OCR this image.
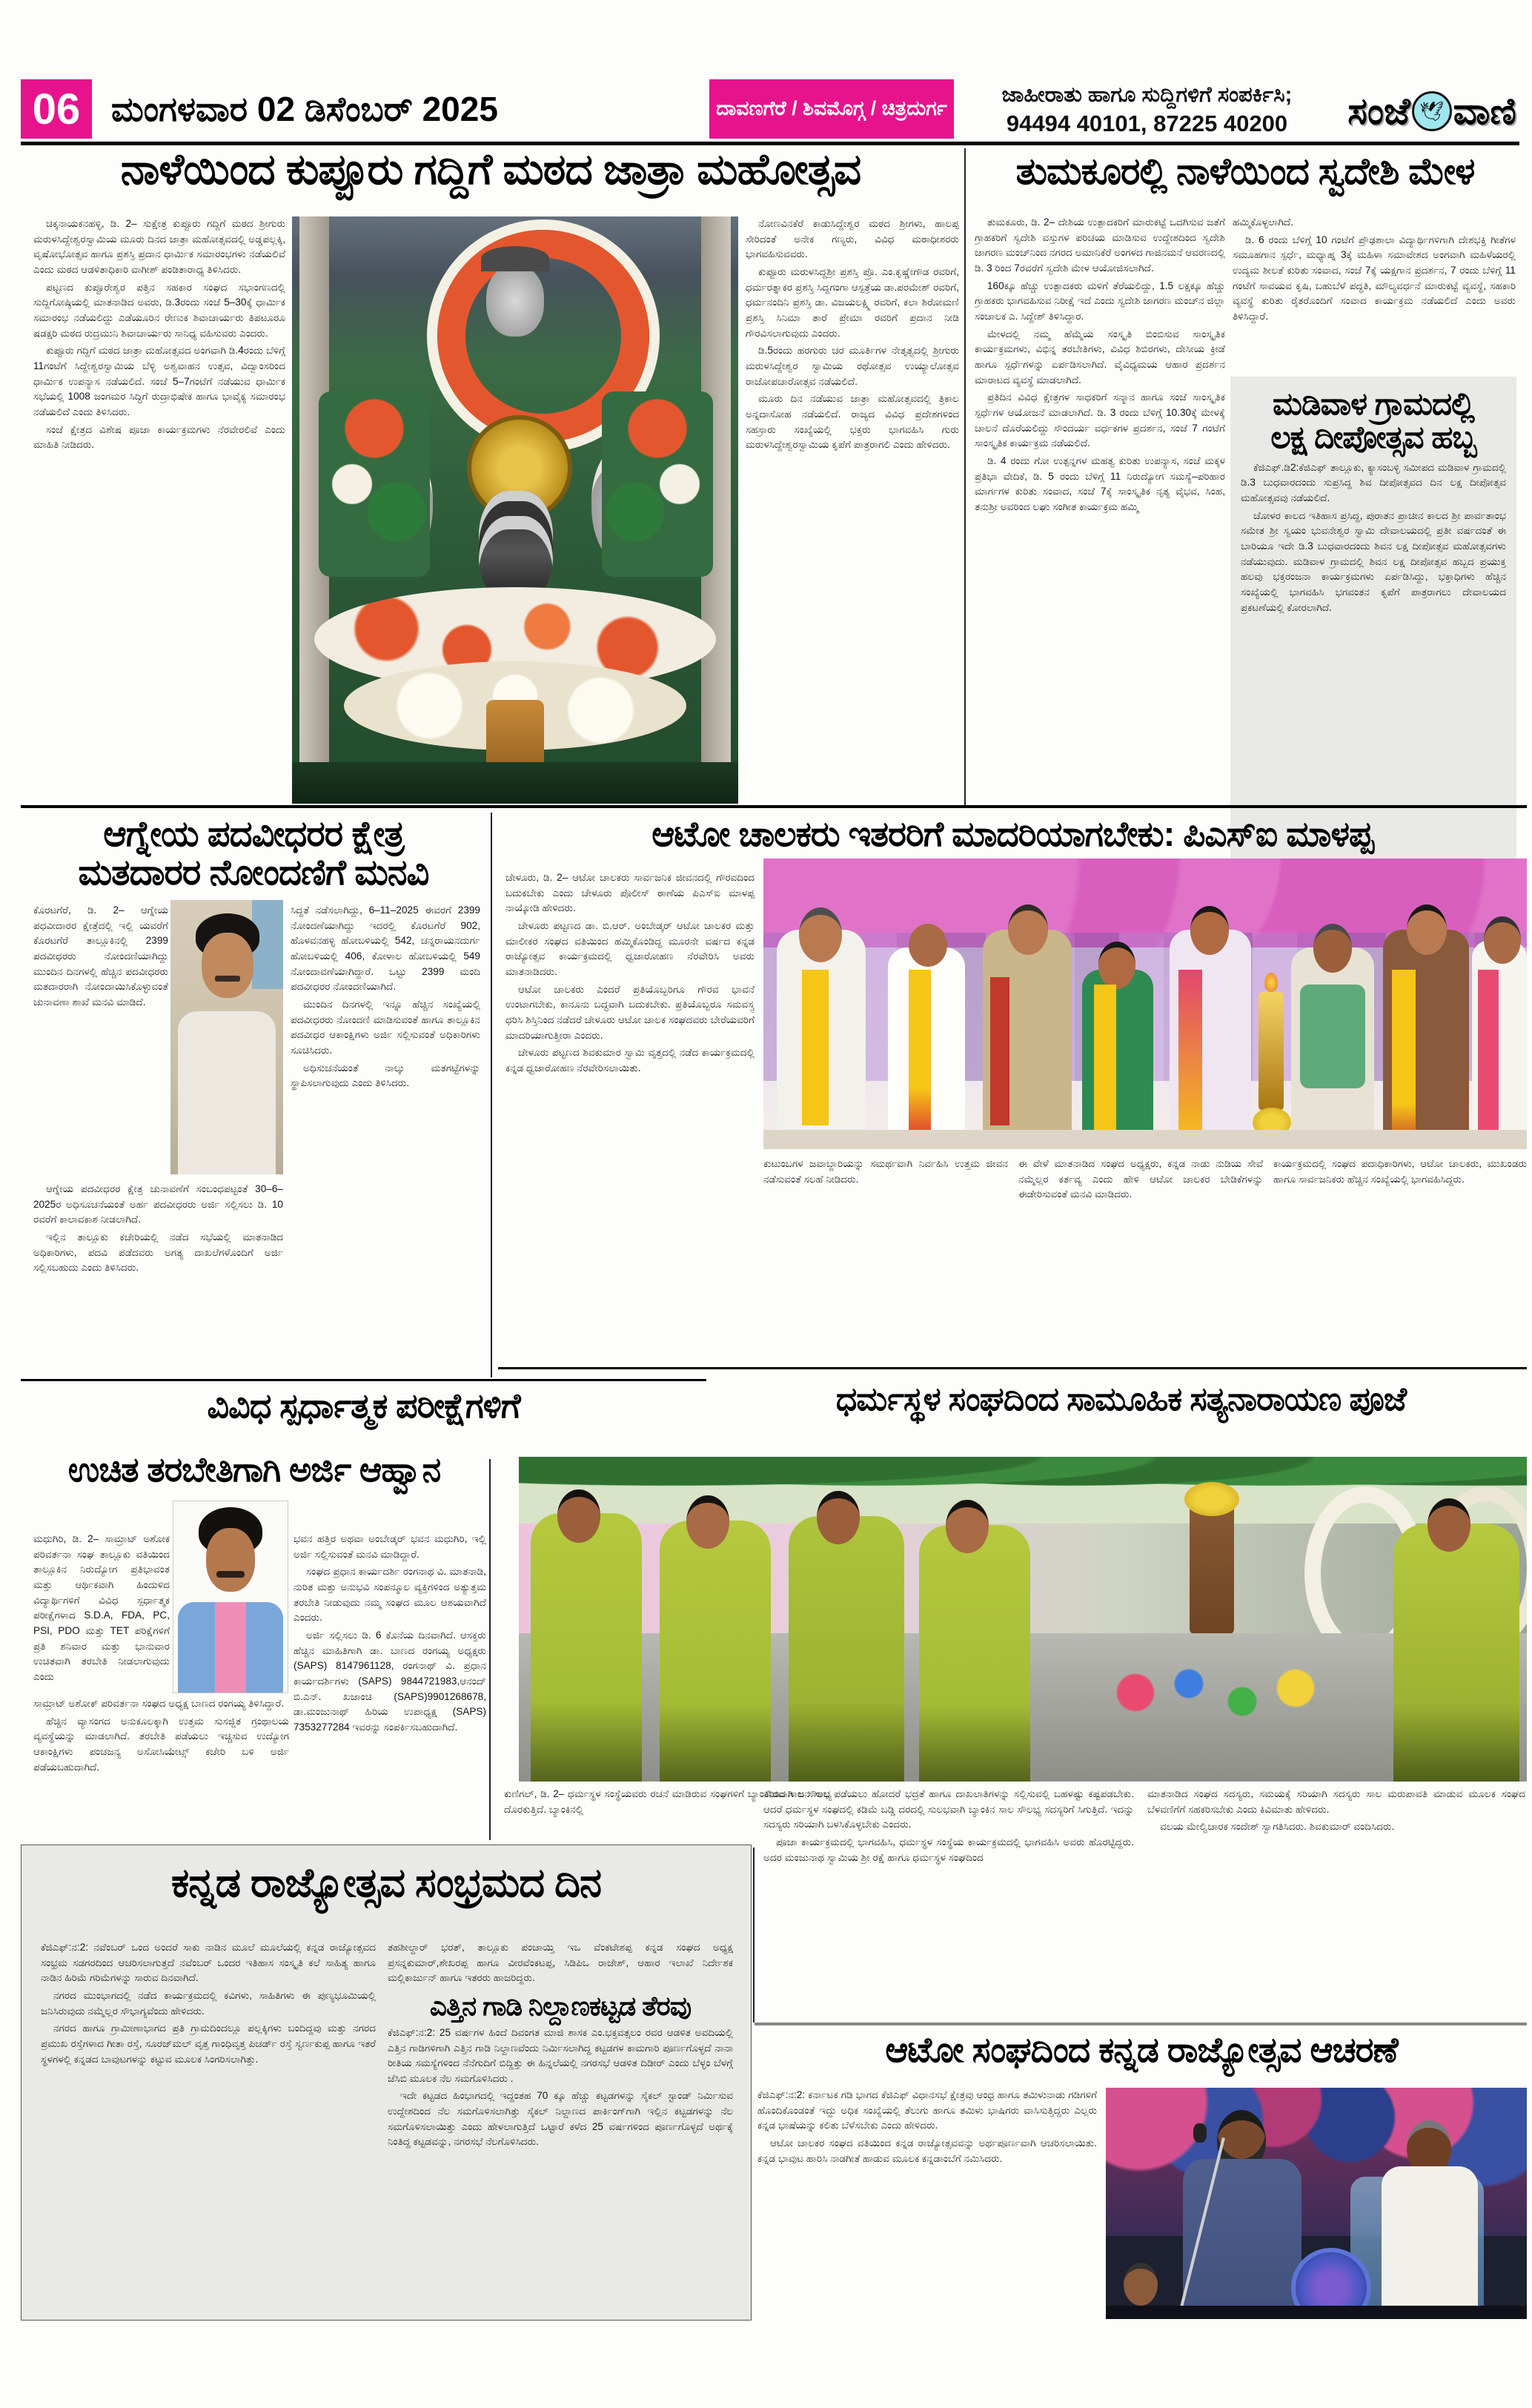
06 ಮಂಗಳವಾರ 02 ಡಿಸೆಂಬರ್ 2025	ದಾವಣಗೆರೆ / ಶಿವಮೊಗ್ಗ / ಚಿತ್ರದುರ್ಗ
ಜಾಹೀರಾತು ಹಾಗೂ ಸುದ್ದಿಗಳಿಗೆ ಸಂಪರ್ಕಿಸಿ;
94494 40101, 87225 40200	ಸಂಜೆ 🕊 ವಾಣಿ
ನಾಳೆಯಿಂದ ಕುಪ್ಪೂರು ಗದ್ದಿಗೆ ಮಠದ ಜಾತ್ರಾ ಮಹೋತ್ಸವ

ಚಿಕ್ಕನಾಯಕನಹಳ್ಳಿ, ಡಿ. 2– ಸುಕ್ಷೇತ್ರ ಕುಪ್ಪೂರು ಗದ್ದಿಗೆ ಮಠದ ಶ್ರೀಗುರು ಮರುಳಸಿದ್ದೇಶ್ವರಸ್ವಾಮಿಯ ಮೂರು ದಿನದ ಜಾತ್ರಾ ಮಹೋತ್ಸವದಲ್ಲಿ ಅಡ್ಡಪಲ್ಲಕ್ಕಿ, ವೃಷೋಭೋತ್ಸವ ಹಾಗೂ ಪ್ರಶಸ್ತಿ ಪ್ರದಾನ ಧಾರ್ಮಿಕ ಸಮಾರಂಭಗಳು ನಡೆಯಲಿವೆ ಎಂದು ಮಠದ ಆಡಳಿತಾಧಿಕಾರಿ ವಾಗೀಶ್ ಪಂಡಿತಾರಾಧ್ಯ ತಿಳಿಸಿದರು.

ಪಟ್ಟಣದ ಕುಪ್ಪೂರೇಶ್ವರ ಪತ್ತಿನ ಸಹಕಾರ ಸಂಘದ ಸಭಾಂಗಣದಲ್ಲಿ ಸುದ್ದಿಗೋಷ್ಠಿಯಲ್ಲಿ ಮಾತನಾಡಿದ ಅವರು, ಡಿ.3ರಂದು ಸಂಜೆ 5–30ಕ್ಕೆ ಧಾರ್ಮಿಕ ಸಮಾರಂಭ ನಡೆಯಲಿದ್ದು ಎಡೆಯೂರಿನ ರೇಣುಕ ಶಿವಾಚಾರ್ಯರು ತಿಪಟೂರೂ ಷಡಕ್ಷರಿ ಮಠದ ರುದ್ರಮುನಿ ಶಿವಾಚಾರ್ಯರು ಸಾನಿಧ್ಯ ವಹಿಸುವರು ಎಂದರು.

ಕುಪ್ಪೂರು ಗದ್ದಿಗೆ ಮಠದ ಜಾತ್ರಾ ಮಹೋತ್ಸವದ ಅಂಗವಾಗಿ ಡಿ.4ರಂದು ಬೆಳಿಗ್ಗೆ 11ಗಂಟೆಗೆ ಸಿದ್ದೇಶ್ವರಸ್ವಾಮಿಯ ಬೆಳ್ಳಿ ಅಶ್ವವಾಹನ ಉತ್ಸವ, ವಿದ್ವಾಂಸರಿಂದ ಧಾರ್ಮಿಕ ಉಪನ್ಯಾಸ ನಡೆಯಲಿದೆ. ಸಂಜೆ 5–7ಗಂಟೆಗೆ ನಡೆಯುವ ಧಾರ್ಮಿಕ ಸಭೆಯಲ್ಲಿ 1008 ಜಂಗಮರ ಸಿದ್ಧಿಗೆ ರುದ್ರಾಭಿಷೇಕ ಹಾಗೂ ಭಾವೈಕ್ಯ ಸಮಾರಂಭ ನಡೆಯಲಿದೆ ಎಂದು ತಿಳಿಸಿದರು.

ಸಂಜೆ ಕ್ಷೇತ್ರದ ವಿಶೇಷ ಪೂಜಾ ಕಾರ್ಯಕ್ರಮಗಳು ನೆರವೇರಲಿವೆ ಎಂದು ಮಾಹಿತಿ ನೀಡಿದರು.

ನೋಣವಿನಕೆರೆ ಕಾಡುಸಿದ್ದೇಶ್ವರ ಮಠದ ಶ್ರೀಗಳು, ಹಾಲಪ್ಪ ಸೇರಿದಂತೆ ಅನೇಕ ಗಣ್ಯರು, ವಿವಿಧ ಮಠಾಧೀಶರರು ಭಾಗವಹಿಸುವವರು.

ಕುಪ್ಪೂರು ಮರುಳಸಿದ್ದಶ್ರೀ ಪ್ರಶಸ್ತಿ ಪ್ರೊ. ಎಂ.ಕೃಷ್ಣೇಗೌಡ ರವರಿಗೆ, ಧರ್ಮರತ್ನಾಕರ ಪ್ರಶಸ್ತಿ ಸಿದ್ದಗಂಗಾ ಆಸ್ಪತ್ರೆಯ ಡಾ.ಪರಮೇಶ್ ರವರಿಗೆ, ಧರ್ಮನಂದಿನಿ ಪ್ರಶಸ್ತಿ ಡಾ. ವಿಜಯಲಕ್ಷ್ಮಿ ರವರಿಗೆ, ಕಲಾ ಶಿರೋಮಣಿ ಪ್ರಶಸ್ತಿ ಸಿನಿಮಾ ತಾರೆ ಪ್ರೇಮಾ ರವರಿಗೆ ಪ್ರದಾನ ನೀಡಿ ಗೌರವಿಸಲಾಗುವುದು ಎಂದರು.

ಡಿ.5ರಂದು ಹರಗುರು ಚರ ಮೂರ್ತಿಗಳ ನೇತೃತ್ವದಲ್ಲಿ ಶ್ರೀಗುರು ಮರುಳಸಿದ್ದೇಶ್ವರ ಸ್ವಾಮಿಯ ರಥೋತ್ಸವ ಉಯ್ಯಾಲೋತ್ಸವ ರಾಜೋಪಚಾರೋತ್ಸವ ನಡೆಯಲಿದೆ.

ಮೂರು ದಿನ ನಡೆಯುವ ಜಾತ್ರಾ ಮಹೋತ್ಸವದಲ್ಲಿ ತ್ರಿಕಾಲ ಅನ್ನದಾಸೋಹ ನಡೆಯಲಿದೆ. ರಾಜ್ಯದ ವಿವಿಧ ಪ್ರದೇಶಗಳಿಂದ ಸಹಸ್ರಾರು ಸಂಖ್ಯೆಯಲ್ಲಿ ಭಕ್ತರು ಭಾಗವಹಿಸಿ ಗುರು ಮರುಳಸಿದ್ದೇಶ್ವರಸ್ವಾಮಿಯ ಕೃಪೆಗೆ ಪಾತ್ರರಾಗಲಿ ಎಂದು ಹೇಳಿದರು.

ತುಮಕೂರಲ್ಲಿ ನಾಳೆಯಿಂದ ಸ್ವದೇಶಿ ಮೇಳ

ತುಮಕೂರು, ಡಿ. 2– ದೇಶಿಯ ಉತ್ಪಾದಕರಿಗೆ ಮಾರುಕಟ್ಟೆ ಒದಗಿಸುವ ಜತೆಗೆ ಗ್ರಾಹಕರಿಗೆ ಸ್ವದೇಶಿ ವಸ್ತುಗಳ ಪರಿಚಯ ಮಾಡಿಸುವ ಉದ್ದೇಶದಿಂದ ಸ್ವದೇಶಿ ಜಾಗರಣ ಮಂಚ್‌ನಿಂದ ನಗರದ ಅಮಾನಿಕೆರೆ ಅಂಗಳದ ಗಾಜಿನಮನೆ ಆವರಣದಲ್ಲಿ ಡಿ. 3 ರಿಂದ 7ರವರೆಗೆ ಸ್ವದೇಶಿ ಮೇಳ ಆಯೋಜಿಸಲಾಗಿದೆ.

160ಕ್ಕೂ ಹೆಚ್ಚು ಉತ್ಪಾದಕರು ಮಳಿಗೆ ತೆರೆಯಲಿದ್ದು, 1.5 ಲಕ್ಷಕ್ಕೂ ಹೆಚ್ಚು ಗ್ರಾಹಕರು ಭಾಗವಹಿಸುವ ನಿರೀಕ್ಷೆ ಇದೆ ಎಂದು ಸ್ವದೇಶಿ ಜಾಗರಣ ಮಂಚ್‌ನ ಜಿಲ್ಲಾ ಸಂಚಾಲಕ ಎ. ಸಿದ್ದೇಶ್ ತಿಳಿಸಿದ್ದಾರ.

ಮೇಳದಲ್ಲಿ ನಮ್ಮ ಹೆಮ್ಮೆಯ ಸಂಸ್ಕೃತಿ ಬಿಂಬಿಸುವ ಸಾಂಸ್ಕೃತಿಕ ಕಾರ್ಯಕ್ರಮಗಳು, ವಿಭಿನ್ನ ತರಬೇತಿಗಳು, ವಿವಿಧ ಶಿಬಿರಗಳು, ದೇಸೀಯ ಕ್ರೀಡೆ ಹಾಗೂ ಸ್ಪರ್ಧೆಗಳನ್ನು ಏರ್ಪಡಿಸಲಾಗಿದೆ. ವೈವಿಧ್ಯಮಯ ಆಹಾರ ಪ್ರದರ್ಶನ ಮಾರಾಟದ ವ್ಯವಸ್ಥೆ ಮಾಡಲಾಗಿದೆ.

ಪ್ರತಿದಿನ ವಿವಿಧ ಕ್ಷೇತ್ರಗಳ ಸಾಧಕರಿಗೆ ಸನ್ಮಾನ ಹಾಗೂ ಸಂಜೆ ಸಾಂಸ್ಕೃತಿಕ ಸ್ಪರ್ಧೆಗಳ ಆಯೋಜನೆ ಮಾಡಲಾಗಿದೆ. ಡಿ. 3 ರಂದು ಬೆಳಿಗ್ಗೆ 10.30ಕ್ಕೆ ಮೇಳಕ್ಕೆ ಚಾಲನೆ ದೊರೆಯಲಿದ್ದು ಸೌಂದರ್ಯ ವರ್ಧಕಗಳ ಪ್ರದರ್ಶನ, ಸಂಜೆ 7 ಗಂಟೆಗೆ ಸಾಂಸ್ಕೃತಿಕ ಕಾರ್ಯಕ್ರಮ ನಡೆಯಲಿದೆ.

ಡಿ. 4 ರಂದು ಗೋ ಉತ್ಪನ್ನಗಳ ಮಹತ್ವ ಕುರಿತು ಉಪನ್ಯಾಸ, ಸಂಜೆ ಮಕ್ಕಳ ಪ್ರತಿಭಾ ವೇದಿಕೆ, ಡಿ. 5 ರಂದು ಬೆಳಿಗ್ಗೆ 11 ನಿರುದ್ಯೋಗ ಸಮಸ್ಯೆ–ಪರಿಹಾರ ಮಾರ್ಗಗಳ ಕುರಿತು ಸಂವಾದ, ಸಂಜೆ 7ಕ್ಕೆ ಸಾಂಸ್ಕೃತಿಕ ನೃತ್ಯ ವೈಭವ, ಸಿಂಹ, ತನುಶ್ರೀ ಅವರಿಂದ ಲಘು ಸಂಗೀತ ಕಾರ್ಯಕ್ರಮ ಹಮ್ಮಿ

ಹಮ್ಮಿಕೊಳ್ಳಲಾಗಿದೆ.

ಡಿ. 6 ರಂದು ಬೆಳಿಗ್ಗೆ 10 ಗಂಟೆಗೆ ಪ್ರೌಢಶಾಲಾ ವಿದ್ಯಾರ್ಥಿಗಳಿಗಾಗಿ ದೇಶಭಕ್ತಿ ಗೀತೆಗಳ ಸಮೂಹಗಾನ ಸ್ಪರ್ಧೆ, ಮಧ್ಯಾಹ್ನ 3ಕ್ಕೆ ಮಹಿಳಾ ಸಮಾವೇಶದ ಅಂಗವಾಗಿ ಮಹಿಳೆಯರಲ್ಲಿ ಉದ್ಯಮ ಶೀಲತೆ ಕುರಿತು ಸಂವಾದ, ಸಂಜೆ 7ಕ್ಕೆ ಯಕ್ಷಗಾನ ಪ್ರದರ್ಶನ, 7 ರಂದು ಬೆಳಿಗ್ಗೆ 11 ಗಂಟೆಗೆ ಸಾವಯವ ಕೃಷಿ, ಬಹುಬೆಳೆ ಪದ್ಧತಿ, ಮೌಲ್ಯವರ್ಧನೆ ಮಾರುಕಟ್ಟೆ ವ್ಯವಸ್ಥೆ, ಸಹಕಾರಿ ವ್ಯವಸ್ಥೆ ಕುರಿತು ರೈತರೊಂದಿಗೆ ಸಂವಾದ ಕಾರ್ಯಕ್ರಮ ನಡೆಯಲಿದೆ ಎಂದು ಅವರು ತಿಳಿಸಿದ್ದಾರೆ.

ಮಡಿವಾಳ ಗ್ರಾಮದಲ್ಲಿ
ಲಕ್ಷ ದೀಪೋತ್ಸವ ಹಬ್ಬ

ಕೆಜಿಎಫ್.ಡಿ2:ಕೆಜಿಎಫ್ ತಾಲ್ಲೂಕು, ಕ್ಯಾಸಂಬಳ್ಳಿ ಸಮೀಪದ ಮಡಿವಾಳ ಗ್ರಾಮದಲ್ಲಿ ಡಿ.3 ಬುಧವಾರದಂದು ಸುಪ್ರಸಿದ್ದ ಶಿವ ದೀಪೋತ್ಸವದ ದಿನ ಲಕ್ಷ ದೀಪೋತ್ಸವ ಮಹೋತ್ಸವವು ನಡೆಯಲಿದೆ.

ಚೋಳರ ಕಾಲದ ಇತಿಹಾಸ ಪ್ರಸಿದ್ದ, ಪುರಾತನ ಪ್ರಾಚೀನ ಕಾಲದ ಶ್ರೀ ಪಾರ್ವತಾಂಭ ಸಮೇತ ಶ್ರೀ ಸ್ವಯಂ ಭುವನೇಶ್ವರ ಸ್ವಾಮಿ ದೇವಾಲಯದಲ್ಲಿ ಪ್ರತೀ ವರ್ಷದಂತೆ ಈ ಬಾರಿಯೂ ಇದೇ ಡಿ.3 ಬುಧವಾರದಂದು ಶಿವನ ಲಕ್ಷ ದೀಪೋತ್ಸವ ಮಹೋತ್ಸವಗಳು ನಡೆಯುವುದು. ಮಡಿವಾಳ ಗ್ರಾಮದಲ್ಲಿ ಶಿವನ ಲಕ್ಷ ದೀಪೋತ್ಸವ ಹಬ್ಬದ ಪ್ರಯುಕ್ತ ಹಲವು ಭಕ್ತರಂಜನಾ ಕಾರ್ಯಕ್ರಮಗಳು ಏರ್ಪಡಿಸಿದ್ದು, ಭಕ್ತಾಧಿಗಳು ಹೆಚ್ಚಿನ ಸಂಖ್ಯೆಯಲ್ಲಿ ಭಾಗವಹಿಸಿ ಭಗವಂತನ ಕೃಪೆಗೆ ಪಾತ್ರರಾಗಲು ದೇವಾಲಯದ ಪ್ರಕಟಣೆಯಲ್ಲಿ ಕೋರಲಾಗಿದೆ.

ಆಗ್ನೇಯ ಪದವೀಧರರ ಕ್ಷೇತ್ರ
ಮತದಾರರ ನೋಂದಣಿಗೆ ಮನವಿ

ಕೊರಟಗೆರೆ, ಡಿ. 2– ಆಗ್ನೇಯ ಪಧವೀದಾರರ ಕ್ಷೇತ್ರೆದಲ್ಲಿ ಇಲ್ಲಿ ಯವರೆಗೆ ಕೊರಟಗೆರೆ ತಾಲ್ಲೂಕಿನಲ್ಲಿ 2399 ಪದವೀಧರರು ನೋಂದಣಿಯಾಗಿದ್ದು ಮುಂದಿನ ದಿನಗಳಲ್ಲಿ ಹೆಚ್ಚಿನ ಪದವೀಧರರು ಮತದಾರರಾಗಿ ನೋಂದಾಯಿಸಿಕೊಳ್ಳುವಂತೆ ಚುನಾವಣಾ ಶಾಖೆ ಮನವಿ ಮಾಡಿದೆ.

ಆಗ್ನೇಯ ಪದವೀಧರರ ಕ್ಷೇತ್ರ ಚುನಾವಣೆಗೆ ಸಂಬಂಧಪಟ್ಟಂತೆ 30–6–2025ರ ಅಧಿಸೂಚನೆಯಂತೆ ಅರ್ಹ ಪದವೀಧರರು ಅರ್ಜಿ ಸಲ್ಲಿಸಲು ಡಿ. 10 ರವರೆಗೆ ಕಾಲಾವಕಾಶ ನೀಡಲಾಗಿದೆ.

ಇಲ್ಲಿನ ತಾಲ್ಲೂಕು ಕಚೇರಿಯಲ್ಲಿ ನಡೆದ ಸಭೆಯಲ್ಲಿ ಮಾತನಾಡಿದ ಅಧಿಕಾರಿಗಳು, ಪದವಿ ಪಡೆದವರು ಅಗತ್ಯ ದಾಖಲೆಗಳೊಂದಿಗೆ ಅರ್ಜಿ ಸಲ್ಲಿಸಬಹುದು ಎಂದು ತಿಳಿಸಿದರು.

ಸಿದ್ದತೆ ನಡೆಸಲಾಗಿದ್ದು, 6–11–2025 ಈವರಗೆ 2399 ನೋಂದಣೆಯಾಗಿದ್ದು ಇದರಲ್ಲಿ ಕೊರಟಗೆರೆ 902, ಹೊಳವನಹಳ್ಳಿ ಹೋಬಳಿಯಲ್ಲಿ 542, ಚನ್ನರಾಯನದುರ್ಗ ಹೋಬಳಿಯಲ್ಲಿ 406, ಕೋಳಾಲ ಹೋಬಳಿಯಲ್ಲಿ 549 ನೋಂದಾವಣೆಯಾಗಿದ್ದಾರೆ. ಒಟ್ಟು 2399 ಮಂದಿ ಪದವೀಧರರ ನೋಂದಣಿಯಾಗಿದೆ.

ಮುಂದಿನ ದಿನಗಳಲ್ಲಿ ಇನ್ನೂ ಹೆಚ್ಚಿನ ಸಂಖ್ಯೆಯಲ್ಲಿ ಪದವೀಧರರು ನೋಂದಣಿ ಮಾಡಿಸುವಂತೆ ಹಾಗೂ ತಾಲ್ಲೂಕಿನ ಪದವೀಧರ ಆಕಾಂಕ್ಷಿಗಳು ಅರ್ಜಿ ಸಲ್ಲಿಸುವಂತೆ ಅಧಿಕಾರಿಗಳು ಸೂಚಿಸಿದರು.

ಅಧಿಸುಚನೆಯಂತೆ ನಾಲ್ಕು ಮತಗಟ್ಟೆಗಳನ್ನು ಸ್ಥಾಪಿಸಲಾಗುವುದು ಎಂದು ತಿಳಿಸಿದರು.

ಆಟೋ ಚಾಲಕರು ಇತರರಿಗೆ ಮಾದರಿಯಾಗಬೇಕು: ಪಿಎಸ್ಐ ಮಾಳಪ್ಪ

ಚೇಳೂರು, ಡಿ. 2– ಆಟೋ ಚಾಲಕರು ಸಾರ್ವಜನಿಕ ಜೀವನದಲ್ಲಿ ಗೌರವದಿಂದ ಬದುಕಬೇಕು ಎಂದು ಚೇಳೂರು ಪೊಲೀಸ್ ಠಾಣೆಯ ಪಿಎಸ್ಐ ಮಾಳಪ್ಪ ನಾಯ್ಕೋಡಿ ಹೇಳಿದರು.

ಚೇಳೂರು ಪಟ್ಟಣದ ಡಾ. ಬಿ.ಆರ್. ಅಂಬೇಡ್ಕರ್ ಆಟೋ ಚಾಲಕರ ಮತ್ತು ಮಾಲೀಕರ ಸಂಘದ ವತಿಯಿಂದ ಹಮ್ಮಿಕೊಂಡಿದ್ದ ಮೂರನೇ ವರ್ಷದ ಕನ್ನಡ ರಾಜ್ಯೋತ್ಸವ ಕಾರ್ಯಕ್ರಮದಲ್ಲಿ ಧ್ವಜಾರೋಹಣ ನೆರವೇರಿಸಿ ಅವರು ಮಾತನಾಡಿದರು.

ಆಟೋ ಚಾಲಕರು ಎಂದರೆ ಪ್ರತಿಯೊಬ್ಬರಿಗೂ ಗೌರವ ಭಾವನೆ ಉಂಟಾಗಬೇಕು, ಕಾನೂನು ಬದ್ಧವಾಗಿ ಬದುಕಬೇಕು. ಪ್ರತಿಯೊಬ್ಬರೂ ಸಮವಸ್ತ್ರ ಧರಿಸಿ ಶಿಸ್ತಿನಿಂದ ನಡೆದರೆ ಚೇಳೂರು ಆಟೋ ಚಾಲಕ ಸಂಘದವರು ಬೇರೆಯವರಿಗೆ ಮಾದರಿಯಾಗುತ್ತೀರಾ ಎಂದರು.

ಚೇಳೂರು ಪಟ್ಟಣದ ಶಿವಕುಮಾರ ಸ್ವಾಮಿ ವೃತ್ತದಲ್ಲಿ ನಡೆದ ಕಾರ್ಯಕ್ರಮದಲ್ಲಿ ಕನ್ನಡ ಧ್ವಜಾರೋಹಣ ನೆರವೇರಿಸಲಾಯಿತು.

ಕುಟುಂಬಗಳ ಜವಾಬ್ದಾರಿಯನ್ನು ಸಮರ್ಥವಾಗಿ ನಿರ್ವಹಿಸಿ ಉತ್ತಮ ಜೀವನ ನಡೆಸುವಂತೆ ಸಲಹೆ ನೀಡಿದರು.

ಈ ವೇಳೆ ಮಾತನಾಡಿದ ಸಂಘದ ಅಧ್ಯಕ್ಷರು, ಕನ್ನಡ ನಾಡು ನುಡಿಯ ಸೇವೆ ನಮ್ಮೆಲ್ಲರ ಕರ್ತವ್ಯ ಎಂದು ಹೇಳಿ ಆಟೋ ಚಾಲಕರ ಬೇಡಿಕೆಗಳನ್ನು ಈಡೇರಿಸುವಂತೆ ಮನವಿ ಮಾಡಿದರು.

ಕಾರ್ಯಕ್ರಮದಲ್ಲಿ ಸಂಘದ ಪದಾಧಿಕಾರಿಗಳು, ಆಟೋ ಚಾಲಕರು, ಮುಖಂಡರು ಹಾಗೂ ಸಾರ್ವಜನಿಕರು ಹೆಚ್ಚಿನ ಸಂಖ್ಯೆಯಲ್ಲಿ ಭಾಗವಹಿಸಿದ್ದರು.

ವಿವಿಧ ಸ್ಪರ್ಧಾತ್ಮಕ ಪರೀಕ್ಷೆಗಳಿಗೆ
ಉಚಿತ ತರಬೇತಿಗಾಗಿ ಅರ್ಜಿ ಆಹ್ವಾನ

ಮಧುಗಿರಿ, ಡಿ. 2– ಸಾಮ್ರಾಟ್ ಅಶೋಕ ಪರಿವರ್ತನಾ ಸಂಘ ತಾಲ್ಲೂಕು ವತಿಯಿಂದ ತಾಲ್ಲೂಕಿನ ನಿರುದ್ಯೋಗ ಪ್ರತಿಭಾವಂತ ಮತ್ತು ಆರ್ಥಿಕವಾಗಿ ಹಿಂದುಳಿದ ವಿದ್ಯಾರ್ಥಿಗಳಿಗೆ ವಿವಿಧ ಸ್ಪರ್ಧಾತ್ಮಕ ಪರೀಕ್ಷೆಗಳಾದ S.D.A, FDA, PC, PSI, PDO ಮತ್ತು TET ಪರಿಕ್ಷೆಗಳಿಗೆ ಪ್ರತಿ ಶನಿವಾರ ಮತ್ತು ಭಾನುವಾರ ಉಚಿತವಾಗಿ ತರಬೇತಿ ನೀಡಲಾಗುವುದು ಎಂದು

ಸಾಮ್ರಾಟ್ ಅಶೋಕ್ ಪರಿವರ್ತನಾ ಸಂಘದ ಅಧ್ಯಕ್ಷ ಬಾಣದ ರಂಗಯ್ಯ ತಿಳಿಸಿದ್ದಾರೆ.

ಹೆಚ್ಚಿನ ವ್ಯಾಸಂಗದ ಅನುಕೂಲಕ್ಕಾಗಿ ಉತ್ತಮ ಸುಸಜ್ಜಿತ ಗ್ರಂಥಾಲಯ ವ್ಯವಸ್ಥೆಯನ್ನು ಮಾಡಲಾಗಿದೆ. ತರಬೇತಿ ಪಡೆಯಲು ಇಚ್ಚಿಸುವ ಉದ್ಯೋಗ ಆಕಾಂಕ್ಷಿಗಳು ಪಂಚಜನ್ಯ ಅಸೋಸಿಯೇಟ್ಸ್ ಕಚೇರಿ ಬಳಿ ಅರ್ಜಿ ಪಡೆಯಬಹುದಾಗಿದೆ.

ಭವನ ಹತ್ತಿರ ಅಥವಾ ಅಂಬೇಡ್ಕರ್ ಭವನ ಮಧುಗಿರಿ, ಇಲ್ಲಿ ಅರ್ಜಿ ಸಲ್ಲಿಸುವಂತೆ ಮನವಿ ಮಾಡಿದ್ದಾರೆ.

ಸಂಘದ ಪ್ರಧಾನ ಕಾರ್ಯದರ್ಶಿ ರಂಗನಾಥ ವಿ. ಮಾತನಾಡಿ, ನುರಿತ ಮತ್ತು ಅನುಭವಿ ಸಂಪನ್ಮೂಲ ವ್ಯಕ್ತಿಗಳಿಂದ ಅತ್ಯುತ್ತಮ ತರಬೇತಿ ನೀಡುವುದು ನಮ್ಮ ಸಂಘದ ಮೂಲ ಆಶಯವಾಗಿದೆ ಎಂದರು.

ಅರ್ಜಿ ಸಲ್ಲಿಸಲು ಡಿ. 6 ಕೊನೆಯ ದಿನವಾಗಿದೆ. ಆಸಕ್ತರು ಹೆಚ್ಚಿನ ಮಾಹಿತಿಗಾಗಿ ಡಾ. ಬಾಣದ ರಂಗಯ್ಯ ಅಧ್ಯಕ್ಷರು (SAPS) 8147961128, ರಂಗನಾಥ್ ವಿ. ಪ್ರಧಾನ ಕಾರ್ಯದರ್ಶಿಗಳು (SAPS) 9844721983,ಆನಂದ್ ಬಿ.ಎನ್. ಖಜಾಂಚಿ (SAPS)9901268678, ಡಾ.ಮಂಜುನಾಥ್ ಹಿರಿಯ ಉಪಾಧ್ಯಕ್ಷ (SAPS) 7353277284 ಇವರನ್ನು ಸಂಪರ್ಕಿಸಬಹುದಾಗಿದೆ.

ಧರ್ಮಸ್ಥಳ ಸಂಘದಿಂದ ಸಾಮೂಹಿಕ ಸತ್ಯನಾರಾಯಣ ಪೂಜೆ

ಕುಣಿಗಲ್, ಡಿ. 2– ಧರ್ಮಸ್ಥಳ ಸಂಸ್ಥೆಯವರು ರಚನೆ ಮಾಡಿರುವ ಸಂಘಗಳಿಗೆ ಬ್ಯಾಂಕಿನಿಂದ ಸಾಲ ಸೌಲಭ್ಯ ದೊರಕುತ್ತಿದೆ. ಬ್ಯಾಂಕಿನಲ್ಲಿ

ನೇರವಾಗಿ ಜನ ಸಾಲ ಪಡೆಯಲು ಹೋದರೆ ಭದ್ರತೆ ಹಾಗೂ ದಾಖಲಾತಿಗಳನ್ನು ಸಲ್ಲಿಸುವಲ್ಲಿ ಬಹಳಷ್ಟು ಕಷ್ಟಪಡಬೇಕು. ಆದರೆ ಧರ್ಮಸ್ಥಳ ಸಂಘದಲ್ಲಿ ಕಡಿಮೆ ಬಡ್ಡಿ ದರದಲ್ಲಿ ಸುಲಭವಾಗಿ ಬ್ಯಾಂಕಿನ ಸಾಲ ಸೌಲಭ್ಯ ಸದಸ್ಯರಿಗೆ ಸಿಗುತ್ತಿದೆ. ಇದನ್ನು ಸದಸ್ಯರು ಸರಿಯಾಗಿ ಬಳಸಿಕೊಳ್ಳಬೇಕು ಎಂದರು.

ಪೂಜಾ ಕಾರ್ಯಕ್ರಮದಲ್ಲಿ ಭಾಗವಹಿಸಿ, ಧರ್ಮಸ್ಥಳ ಸಂಸ್ಥೆಯ ಕಾರ್ಯಕ್ರಮದಲ್ಲಿ ಭಾಗವಹಿಸಿ ಅವರು ಹೊರಟ್ಟಿದ್ದರು. ಅದರ ಮಂಜುನಾಥ ಸ್ವಾಮಿಯ ಶ್ರೀ ರಕ್ಷೆ ಹಾಗೂ ಧರ್ಮಸ್ಥಳ ಸಂಘದಿಂದ

ಮಾತನಾಡಿದ ಸಂಘದ ಸದಸ್ಯರು, ಸಮಯಕ್ಕೆ ಸರಿಯಾಗಿ ಸದಸ್ಯರು ಸಾಲ ಮರುಪಾವತಿ ಮಾಡುವ ಮೂಲಕ ಸಂಘದ ಬೆಳವಣಿಗೆಗೆ ಸಹಕರಿಸಬೇಕು ಎಂದು ಕಿವಿಮಾತು ಹೇಳಿದರು.

ವಲಯ ಮೇಲ್ವಿಚಾರಕ ಸಂದೇಶ್ ಸ್ವಾಗತಿಸಿದರು. ಶಿವಕುಮಾರ್ ವಂದಿಸಿದರು.

ಕನ್ನಡ ರಾಜ್ಯೋತ್ಸವ ಸಂಭ್ರಮದ ದಿನ

ಕೆಜಿಎಫ್:ನ:2: ನವೆಂಬರ್ ಒಂದ ಅಂದರೆ ಸಾಕು ನಾಡಿನ ಮೂಲೆ ಮೂಲೆಯಲ್ಲಿ ಕನ್ನಡ ರಾಜ್ಯೋತ್ಸವದ ಸಂಭ್ರಮ ಸಡಗರದಿಂದ ಆಚರಿಸಲಾಗುತ್ತದೆ ನವೆಂಬರ್ ಒಂದರ ಇತಿಹಾಸ ಸಂಸ್ಕೃತಿ ಕಲೆ ಸಾಹಿತ್ಯ ಹಾಗೂ ನಾಡಿನ ಹಿರಿಮೆ ಗರಿಮೆಗಳನ್ನು ಸಾರುವ ದಿನವಾಗಿದೆ.

ನಗರದ ಮುಂಭಾಗದಲ್ಲಿ ನಡೆದ ಕಾರ್ಯಕ್ರಮದಲ್ಲಿ ಕವಿಗಳು, ಸಾಹಿತಿಗಳು ಈ ಪುಣ್ಯಭೂಮಿಯಲ್ಲಿ ಜನಿಸಿರುವುದು ನಮ್ಮೆಲ್ಲರ ಸೌಭಾಗ್ಯವೆಂದು ಹೇಳಿದರು.

ನಗರದ ಹಾಗೂ ಗ್ರಾಮೀಣಾಭಾಗದ ಪ್ರತಿ ಗ್ರಾಮದಿಂದಲ್ಲೂ ಪಲ್ಲಕ್ಕಿಗಳು ಬಂದಿದ್ದವು ಮತ್ತು ನಗರದ ಪ್ರಮುಖ ರಸ್ತೆಗಳಾದ ಗೀತಾ ರಸ್ತೆ, ಸೂರಜ್‌ಮಲ್ ವೃತ್ತ ಗಾಂಧಿವೃತ್ತ ಪಿಚರ್ಡ್ ರಸ್ತೆ ಸ್ವರ್ಣಕುಪ್ಪ ಹಾಗೂ ಇತರೆ ಸ್ಥಳಗಳಲ್ಲಿ ಕನ್ನಡದ ಬಾವುಟಗಳನ್ನು ಕಟ್ಟುವ ಮೂಲಕ ಸಿಂಗರಿಸಲಾಗಿತ್ತು.

ತಹಶೀಲ್ದಾರ್ ಭರತ್, ತಾಲ್ಲೂಕು ಪಂಚಾಯ್ತಿ ಇಒ ವೆಂಕಟೇಶಪ್ಪ ಕನ್ನಡ ಸಂಘದ ಅಧ್ಯಕ್ಷ ಪ್ರಸನ್ನಕುಮಾರ್,ಶೇಖರಪ್ಪ ಹಾಗೂ ವೀರವೆಂಕಟಪ್ಪ, ಸಿಡಿಪಿಒ ರಾಜೇಶ್, ಆಹಾರ ಇಲಾಖೆ ನಿರ್ದೇಶಕ ಮಲ್ಲಿಕಾರ್ಜುನ್ ಹಾಗೂ ಇತರರು ಹಾಜರಿದ್ದರು.

ಎತ್ತಿನ ಗಾಡಿ ನಿಲ್ದಾಣಕಟ್ಟಡ ತೆರವು

ಕೆಜಿಎಫ್:ನ:2: 25 ವರ್ಷಗಳ ಹಿಂದೆ ದಿವಂಗತ ಮಾಜಿ ಶಾಸಕ ಎಂ.ಭಕ್ತವತ್ಸಲಂ ರವರ ಆಡಳಿತ ಅವದಿಯಲ್ಲಿ ಎತ್ತಿನ ಗಾಡಿಗಳಿಗಾಗಿ ಎತ್ತಿನ ಗಾಡಿ ನಿಲ್ದಾಣವೆಂದು ನಿರ್ಮಿಸಲಾಗಿದ್ದ ಕಟ್ಟಡಗಳ ಕಾಮಗಾರಿ ಪೂರ್ಣಗೊಳ್ಳದೆ ನಾನಾ ರೀತಿಯ ಸಮಸ್ಯೆಗಳಿಂದ ನೆನೆಗುದಿಗೆ ಬಿದ್ದಿತ್ತು ಈ ಹಿನ್ನಲೆಯಲ್ಲಿ ನಗರಸಭೆ ಆಡಳಿತ ದಿಡೀರ್ ಎಂದು ಬೆಳ್ಳಂ ಬೆಳಗ್ಗೆ ಜೆಸಿಬಿ ಮೂಲಕ ನೆಲ ಸಮಗೊಳಿಸಿದರು .

ಇದೇ ಕಟ್ಟಡದ ಹಿಂಭಾಗದಲ್ಲಿ ಇದ್ದಂತಹ 70 ಕ್ಕೂ ಹೆಚ್ಚು ಕಟ್ಟಡಗಳನ್ನು ಸೈಕಲ್ ಸ್ಟಾಂಡ್ ನಿರ್ಮಿಸುವ ಉದ್ದೇಶದಿಂದ ನೆಲ ಸಮಗೊಳಿಸಲಾಗಿತ್ತು ಸೈಕಲ್ ನಿಲ್ದಾಣದ ಪಾರ್ಕಿಂಗ್‌ಗಾಗಿ ಇಲ್ಲಿನ ಕಟ್ಟಡಗಳನ್ನು ನೆಲ ಸಮಗೊಳಿಸಲಾಯಿತ್ತು ಎಂದು ಹೇಳಲಾಗುತ್ತಿದೆ ಒಟ್ಟಾರೆ ಕಳೆದ 25 ವರ್ಷಗಳಿಂದ ಪೂರ್ಣಗೊಳ್ಳದೆ ಅರ್ಥಕ್ಕೆ ನಿಂತಿದ್ದ ಕಟ್ಟಡವನ್ನು, ನಗರಸಭೆ ನೆಲಗೊಳಿಸಿದರು.

ಆಟೋ ಸಂಘದಿಂದ ಕನ್ನಡ ರಾಜ್ಯೋತ್ಸವ ಆಚರಣೆ

ಕೆಜಿಎಫ್:ನ:2: ಕರ್ನಾಟಕ ಗಡಿ ಭಾಗದ ಕೆಜಿಎಫ್ ವಿಧಾನಸಭೆ ಕ್ಷೇತ್ರವು ಆಂಧ್ರ ಹಾಗೂ ತಮಿಳುನಾಡು ಗಡಿಗಳಿಗೆ ಹೊಂದಿಕೊಂಡಂತೆ ಇದ್ದು ಅಧಿಕ ಸಂಖ್ಯೆಯಲ್ಲಿ ತೆಲುಗು ಹಾಗೂ ತಮಿಳು ಭಾಷಿಗರು ವಾಸಿಸುತ್ತಿದ್ದರು ಎಲ್ಲರು ಕನ್ನಡ ಭಾಷೆಯನ್ನು ಕಲಿತು ಬೆಳೆಸಬೇಕು ಎಂದು ಹೇಳಿದರು.

ಆಟೋ ಚಾಲಕರ ಸಂಘದ ವತಿಯಿಂದ ಕನ್ನಡ ರಾಜ್ಯೋತ್ಸವವನ್ನು ಅರ್ಥಪೂರ್ಣವಾಗಿ ಆಚರಿಸಲಾಯಿತು. ಕನ್ನಡ ಭಾವುಟ ಹಾರಿಸಿ ನಾಡಗೀತೆ ಹಾಡುವ ಮೂಲಕ ಕನ್ನಡಾಂಬೆಗೆ ನಮಿಸಿದರು.
